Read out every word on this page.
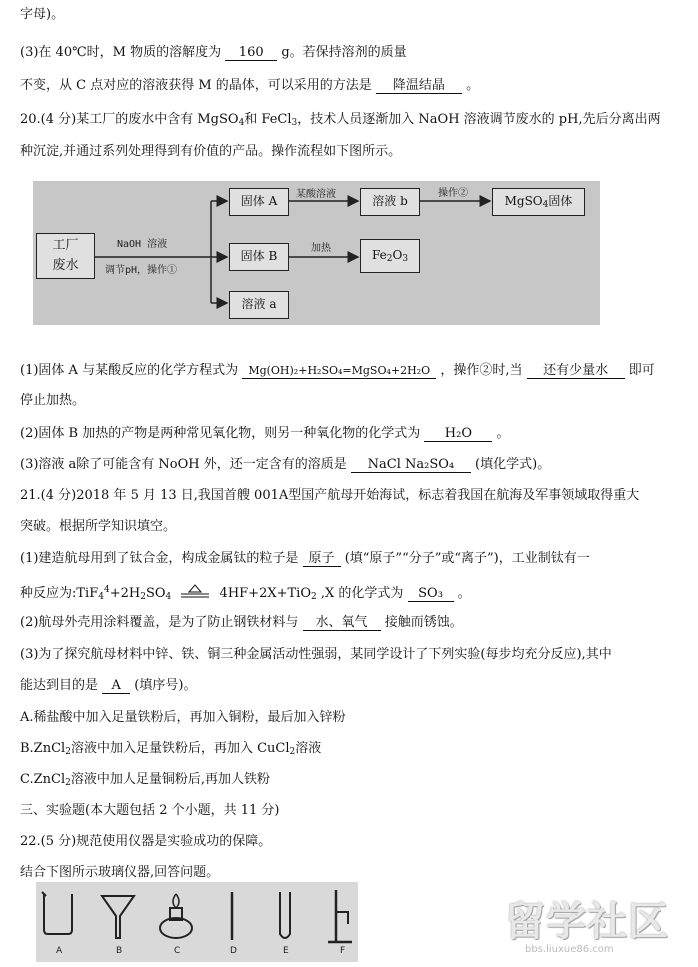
字母)。
(3)在 40℃时，M 物质的溶解度为 160 g。若保持溶剂的质量
不变，从 C 点对应的溶液获得 M 的晶体，可以采用的方法是 降温结晶 。
20.(4 分)某工厂的废水中含有 MgSO$_4$和 FeCl$_3$，技术人员逐渐加入 NaOH 溶液调节废水的 pH,先后分离出两
种沉淀,并通过系列处理得到有价值的产品。操作流程如下图所示。
工厂
废水
NaOH 溶液
调节pH，操作①
固体 A	某酸溶液	溶液 b
操作②
MgSO$_4$固体
固体 B
加热	$Fe_2O_3$
溶液 a
(1)固体 A 与某酸反应的化学方程式为 Mg(OH)₂+H₂SO₄=MgSO₄+2H₂O ，操作②时,当 还有少量水 即可
停止加热。
(2)固体 B 加热的产物是两种常见氧化物，则另一种氧化物的化学式为 H₂O 。
(3)溶液 a除了可能含有 NoOH 外，还一定含有的溶质是 NaCl Na₂SO₄ (填化学式)。
21.(4 分)2018 年 5 月 13 日,我国首艘 001A型国产航母开始海试，标志着我国在航海及军事领域取得重大
突破。根据所学知识填空。
(1)建造航母用到了钛合金，构成金属钛的粒子是 原子 (填“原子”“分子”或“离子”)，工业制钛有一
种反应为$:TiF_4^4+2H_2SO_4$	4HF+2X+TiO$_2$ ,X 的化学式为 SO₃ 。
(2)航母外壳用涂料覆盖，是为了防止钢铁材料与 水、氧气 接触而锈蚀。
(3)为了探究航母材料中锌、铁、铜三种金属活动性强弱，某同学设计了下列实验(每步均充分反应),其中
能达到目的是 A (填序号)。
A.稀盐酸中加入足量铁粉后，再加入铜粉，最后加入锌粉
B.ZnCl$_2$溶液中加入足量铁粉后，再加入 CuCl$_2$溶液
C.ZnCl$_2$溶液中加人足量铜粉后,再加人铁粉
三、实验题(本大题包括 2 个小题，共 11 分)
22.(5 分)规范使用仪器是实验成功的保障。
结合下图所示玻璃仪器,回答问题。
A	B	C	D	E	F
留学社区
bbs.liuxue86.com
